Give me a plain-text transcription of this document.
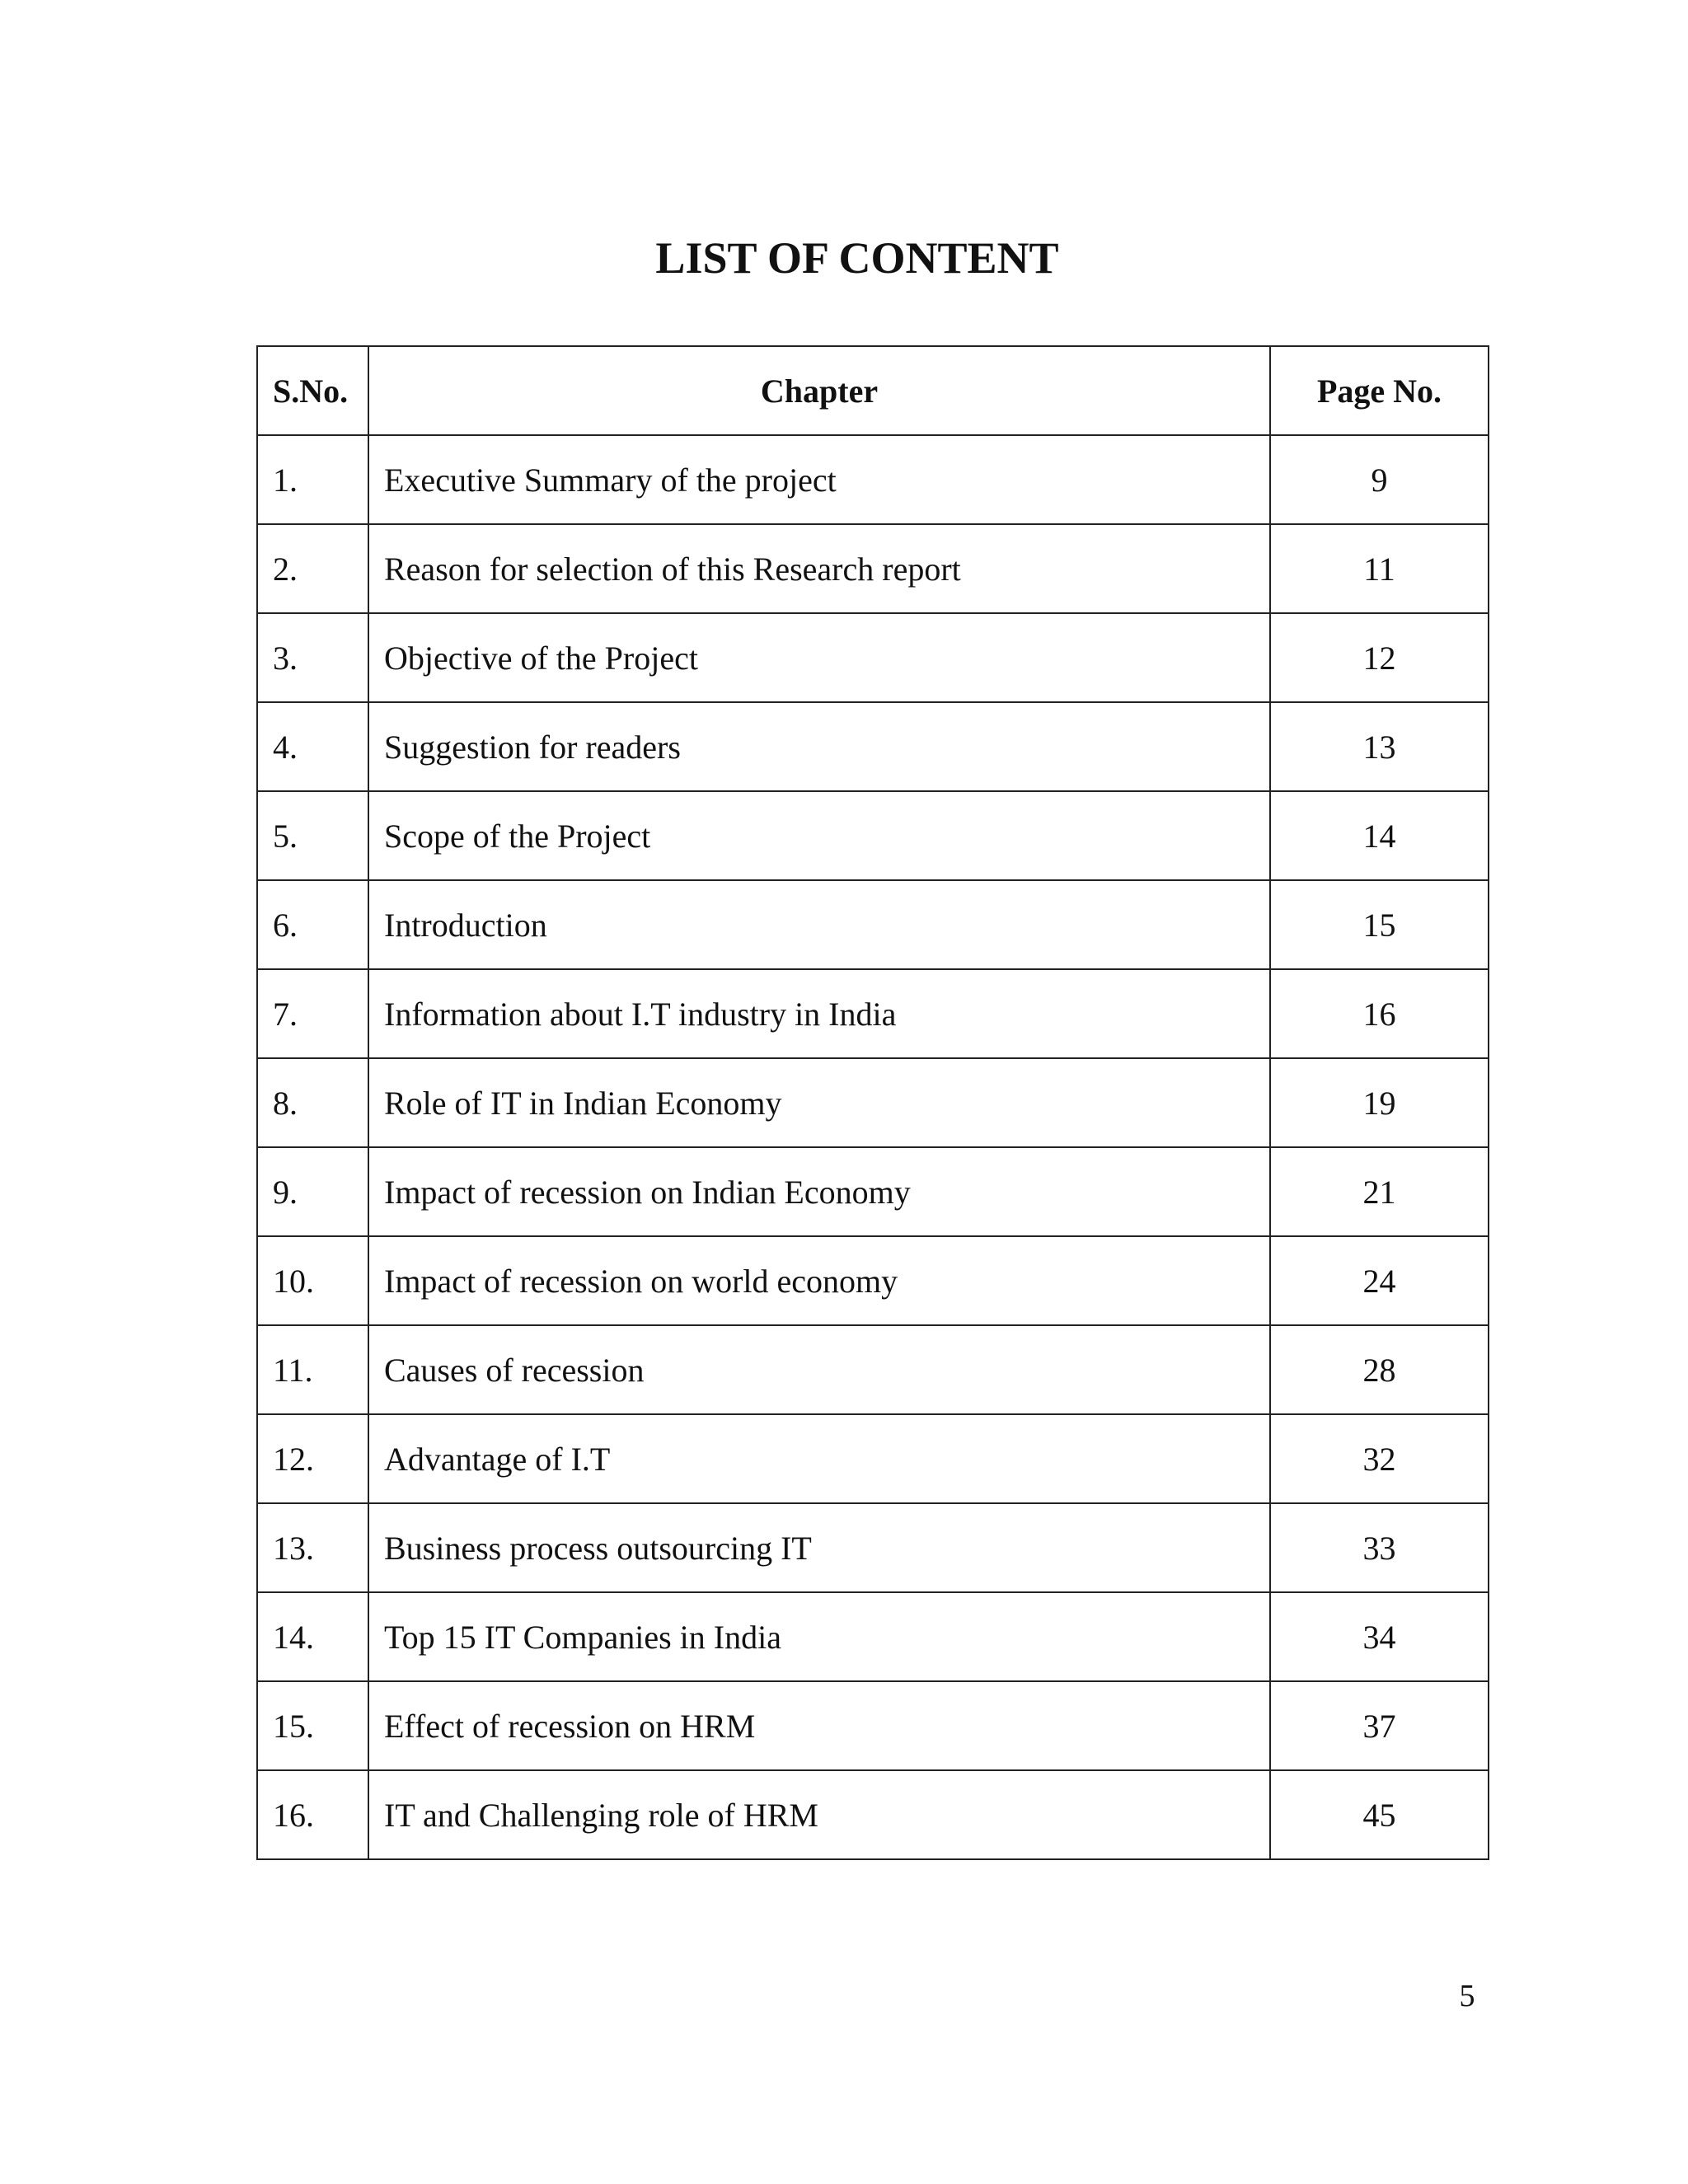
LIST OF CONTENT
S.No.	Chapter	Page No.
1.	Executive Summary of the project	9
2.	Reason for selection of this Research report	11
3.	Objective of the Project	12
4.	Suggestion for readers	13
5.	Scope of the Project	14
6.	Introduction	15
7.	Information about I.T industry in India	16
8.	Role of IT in Indian Economy	19
9.	Impact of recession on Indian Economy	21
10.	Impact of recession on world economy	24
11.	Causes of recession	28
12.	Advantage of I.T	32
13.	Business process outsourcing IT	33
14.	Top 15 IT Companies in India	34
15.	Effect of recession on HRM	37
16.	IT and Challenging role of HRM	45
5
